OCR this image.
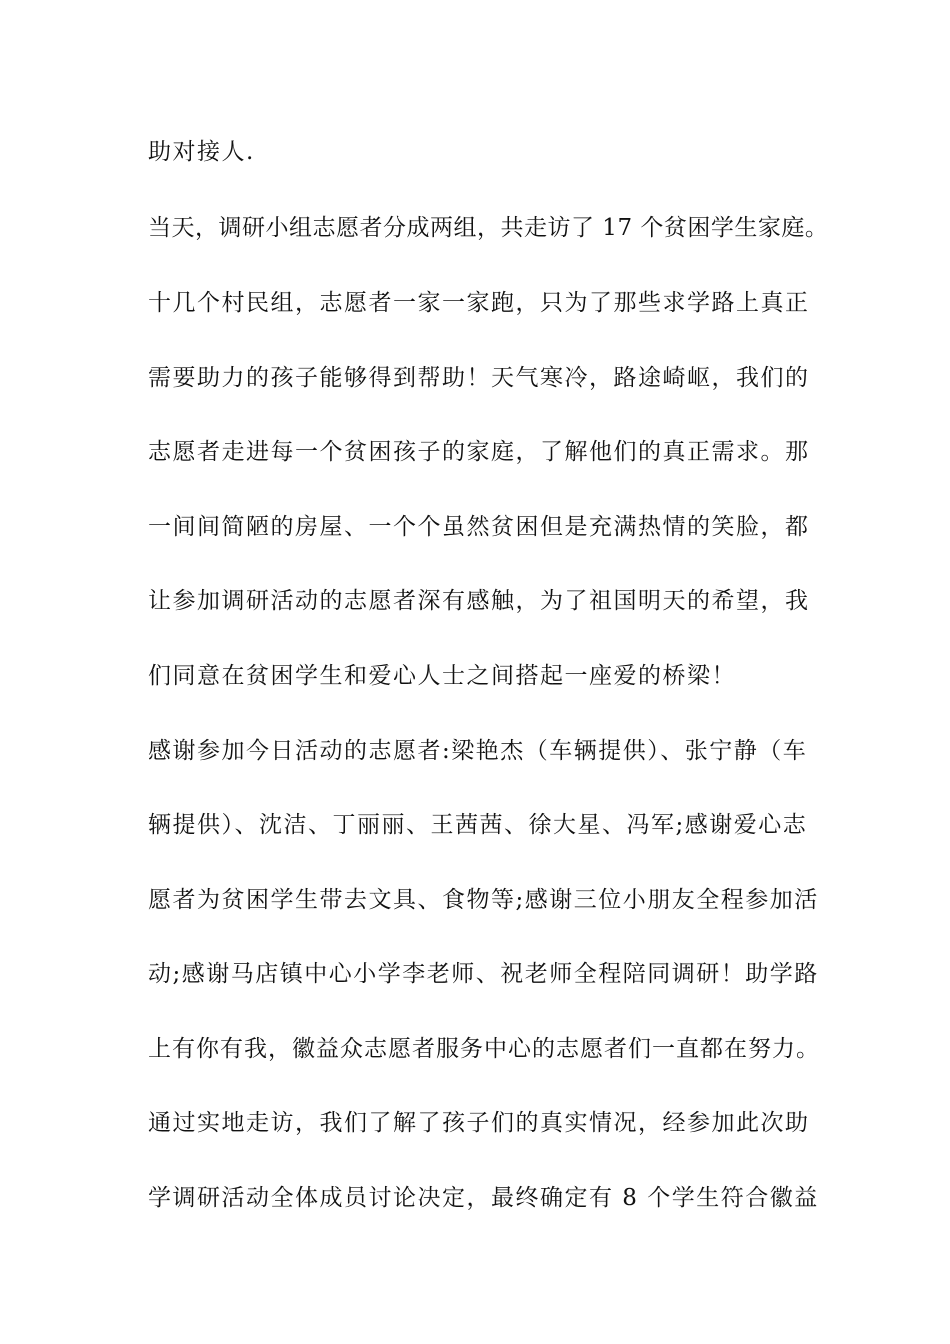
助对接人.
当天，调研小组志愿者分成两组，共走访了 17 个贫困学生家庭。
十几个村民组，志愿者一家一家跑，只为了那些求学路上真正
需要助力的孩子能够得到帮助！天气寒冷，路途崎岖，我们的
志愿者走进每一个贫困孩子的家庭，了解他们的真正需求。那
一间间简陋的房屋、一个个虽然贫困但是充满热情的笑脸，都
让参加调研活动的志愿者深有感触，为了祖国明天的希望，我
们同意在贫困学生和爱心人士之间搭起一座爱的桥梁！
感谢参加今日活动的志愿者:梁艳杰（车辆提供）、张宁静（车
辆提供）、沈洁、丁丽丽、王茜茜、徐大星、冯军;感谢爱心志
愿者为贫困学生带去文具、食物等;感谢三位小朋友全程参加活
动;感谢马店镇中心小学李老师、祝老师全程陪同调研！助学路
上有你有我，徽益众志愿者服务中心的志愿者们一直都在努力。
通过实地走访，我们了解了孩子们的真实情况，经参加此次助
学调研活动全体成员讨论决定，最终确定有 8 个学生符合徽益
